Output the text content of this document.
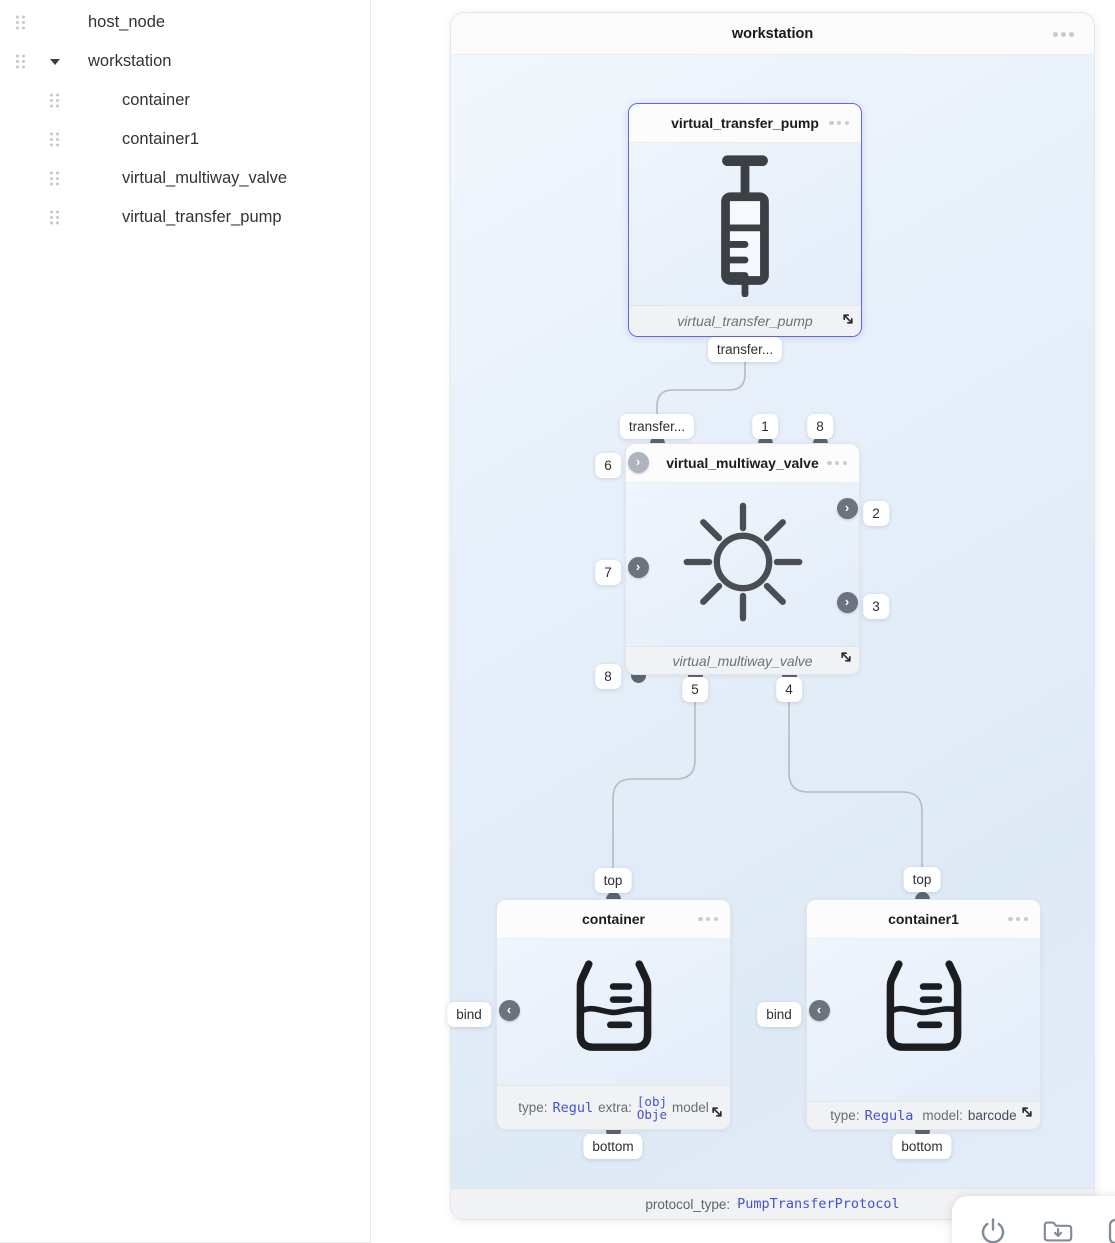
host_node
workstation
container
container1
virtual_multiway_valve
virtual_transfer_pump
workstation
protocol_type: PumpTransferProtocol
virtual_transfer_pump
virtual_transfer_pump
virtual_multiway_valve
virtual_multiway_valve
container
type: Regul extra: [obj
Obje model
container1
type: Regula model: barcode
›
›
›
›
‹	‹
transfer...
transfer...	1	8
6
2
7
3
8
5	4
top	top
bind	bind
bottom	bottom
